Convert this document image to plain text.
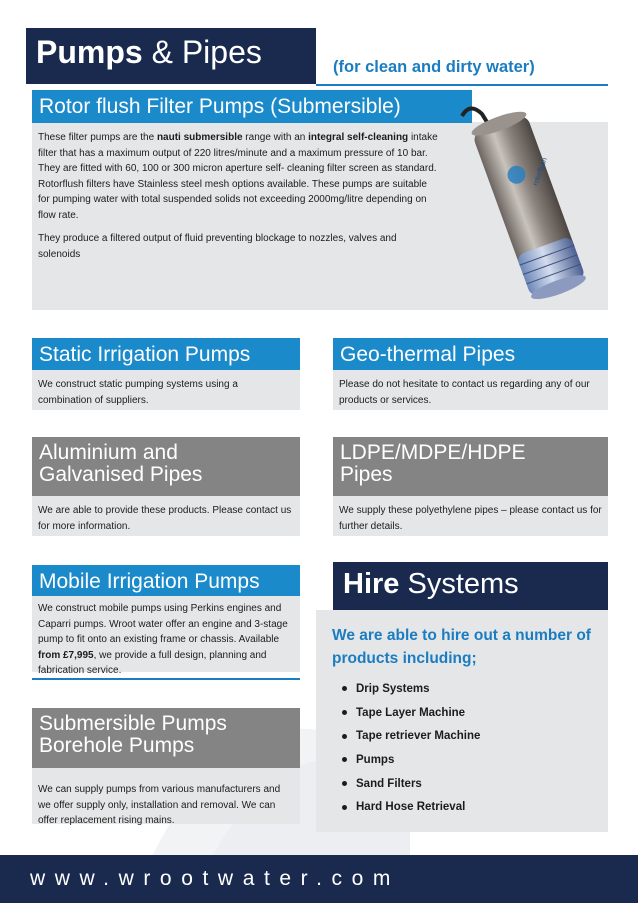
Pumps & Pipes	(for clean and dirty water)

These filter pumps are the nauti submersible range with an integral self-cleaning intake filter that has a maximum output of 220 litres/minute and a maximum pressure of 10 bar. They are fitted with 60, 100 or 300 micron aperture self- cleaning filter screen as standard. Rotorflush filters have Stainless steel mesh options available. These pumps are suitable for pumping water with total suspended solids not exceeding 2000mg/litre depending on flow rate.

They produce a filtered output of fluid preventing blockage to nozzles, valves and solenoids

Rotor flush Filter Pumps (Submersible)
rotorflush
Static Irrigation Pumps
We construct static pumping systems using a combination of suppliers.
Geo-thermal Pipes
Please do not hesitate to contact us regarding any of our products or services.
Aluminium and
Galvanised Pipes
We are able to provide these products. Please contact us for more information.
LDPE/MDPE/HDPE
Pipes
We supply these polyethylene pipes – please contact us for further details.
Mobile Irrigation Pumps
We construct mobile pumps using Perkins engines and Caparri pumps. Wroot water offer an engine and 3-stage pump to fit onto an existing frame or chassis. Available from £7,995, we provide a full design, planning and fabrication service.
Submersible Pumps
Borehole Pumps
We can supply pumps from various manufacturers and we offer supply only, installation and removal. We can offer replacement rising mains.
We are able to hire out a number of products including;
Drip Systems
Tape Layer Machine
Tape retriever Machine
Pumps
Sand Filters
Hard Hose Retrieval
Hire Systems
www.wrootwater.com
